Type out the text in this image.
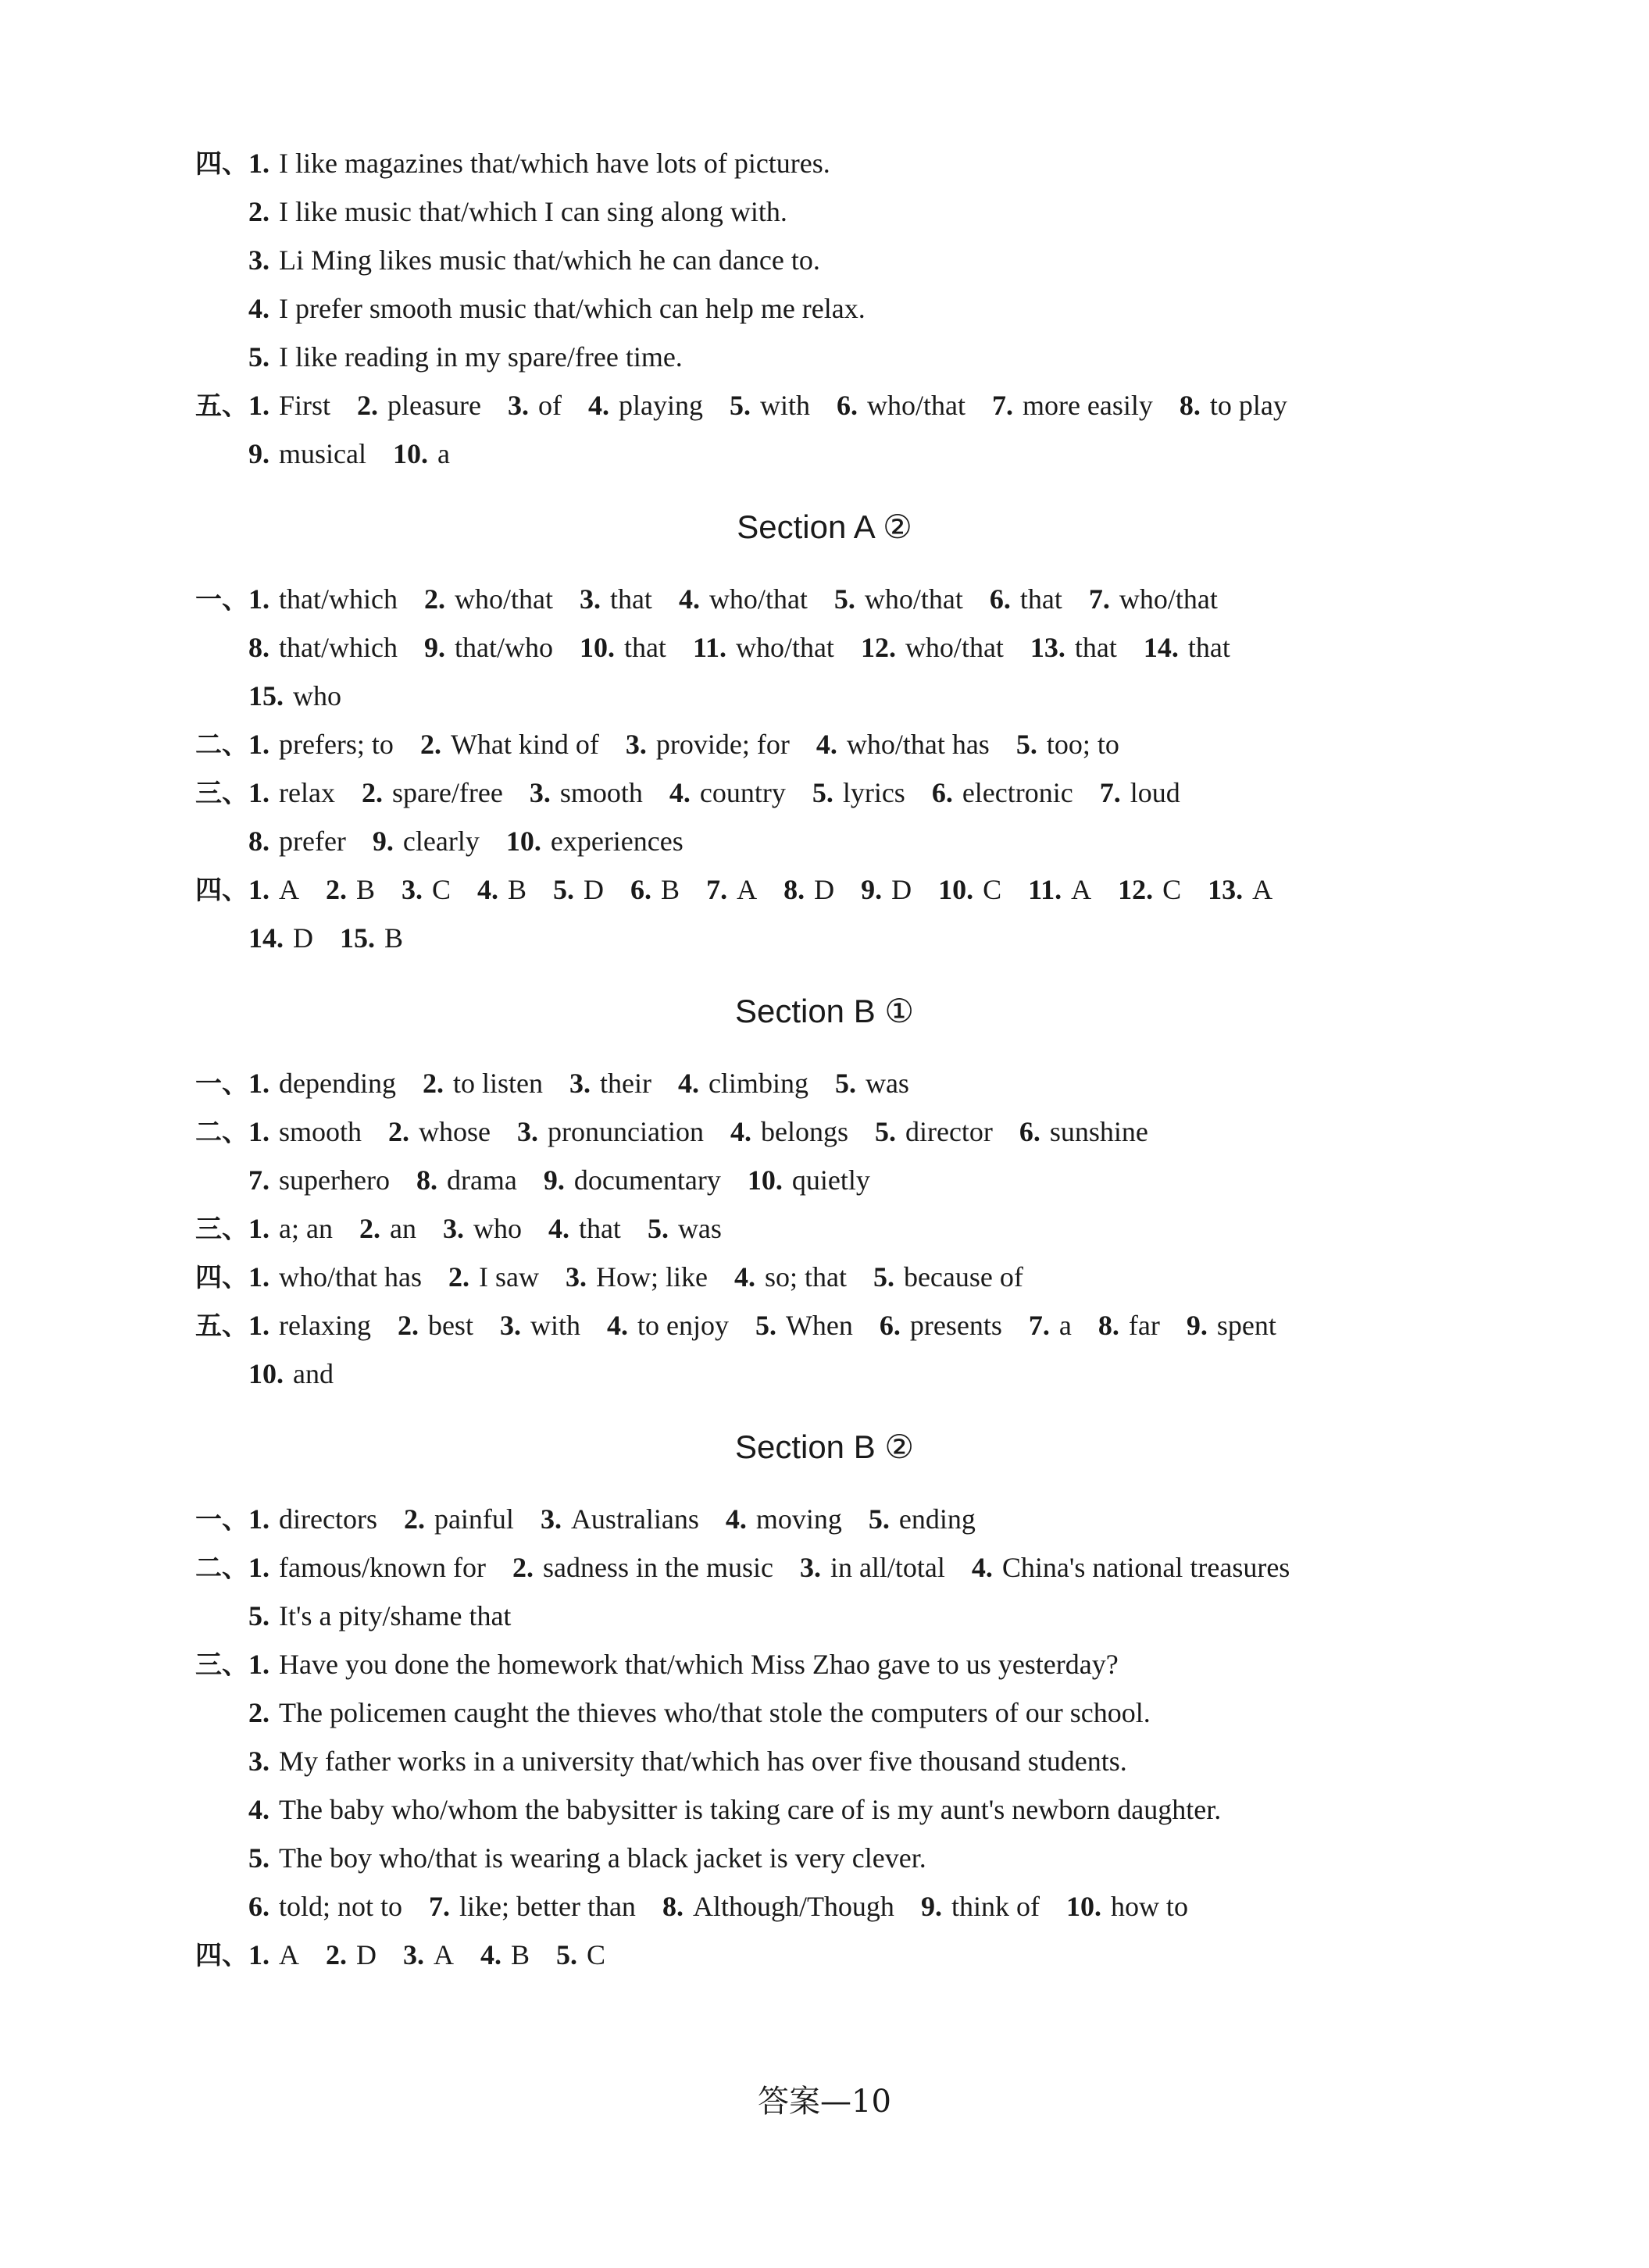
Section A ②
Section B ①
Section B ②
答案—10
四、1. I like magazines that/which have lots of pictures.
2. I like music that/which I can sing along with.
3. Li Ming likes music that/which he can dance to.
4. I prefer smooth music that/which can help me relax.
5. I like reading in my spare/free time.
五、1. First 2. pleasure 3. of 4. playing 5. with 6. who/that 7. more easily 8. to play
9. musical 10. a
一、1. that/which 2. who/that 3. that 4. who/that 5. who/that 6. that 7. who/that
8. that/which 9. that/who 10. that 11. who/that 12. who/that 13. that 14. that
15. who
二、1. prefers; to 2. What kind of 3. provide; for 4. who/that has 5. too; to
三、1. relax 2. spare/free 3. smooth 4. country 5. lyrics 6. electronic 7. loud
8. prefer 9. clearly 10. experiences
四、1. A 2. B 3. C 4. B 5. D 6. B 7. A 8. D 9. D 10. C 11. A 12. C 13. A
14. D 15. B
一、1. depending 2. to listen 3. their 4. climbing 5. was
二、1. smooth 2. whose 3. pronunciation 4. belongs 5. director 6. sunshine
7. superhero 8. drama 9. documentary 10. quietly
三、1. a; an 2. an 3. who 4. that 5. was
四、1. who/that has 2. I saw 3. How; like 4. so; that 5. because of
五、1. relaxing 2. best 3. with 4. to enjoy 5. When 6. presents 7. a 8. far 9. spent
10. and
一、1. directors 2. painful 3. Australians 4. moving 5. ending
二、1. famous/known for 2. sadness in the music 3. in all/total 4. China's national treasures
5. It's a pity/shame that
三、1. Have you done the homework that/which Miss Zhao gave to us yesterday?
2. The policemen caught the thieves who/that stole the computers of our school.
3. My father works in a university that/which has over five thousand students.
4. The baby who/whom the babysitter is taking care of is my aunt's newborn daughter.
5. The boy who/that is wearing a black jacket is very clever.
6. told; not to 7. like; better than 8. Although/Though 9. think of 10. how to
四、1. A 2. D 3. A 4. B 5. C
